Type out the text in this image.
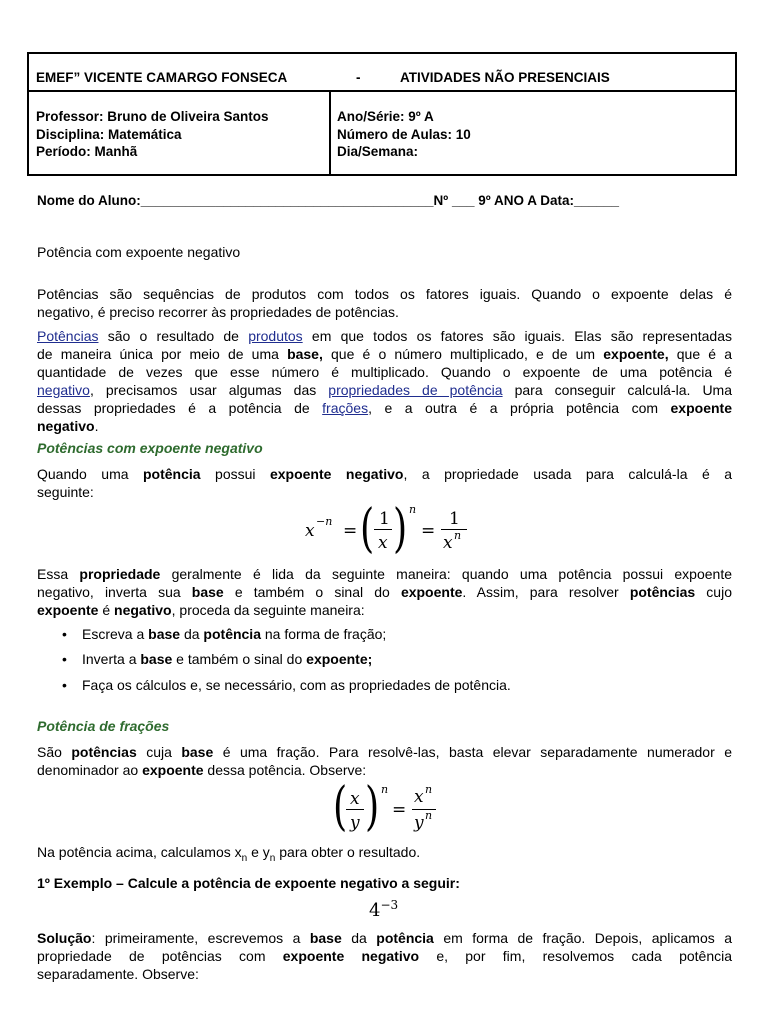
EMEF” VICENTE CAMARGO FONSECA	-	ATIVIDADES NÃO PRESENCIAIS
Professor: Bruno de Oliveira Santos
Disciplina: Matemática
Período: Manhã
Ano/Série: 9º A
Número de Aulas: 10
Dia/Semana:
Nome do Aluno:_______________________________________Nº ___ 9º ANO A Data:______
Potência com expoente negativo
Potências são sequências de produtos com todos os fatores iguais. Quando o expoente delas é
negativo, é preciso recorrer às propriedades de potências.
Potências são o resultado de produtos em que todos os fatores são iguais. Elas são representadas
de maneira única por meio de uma base, que é o número multiplicado, e de um expoente, que é a
quantidade de vezes que esse número é multiplicado. Quando o expoente de uma potência é
negativo, precisamos usar algumas das propriedades de potência para conseguir calculá-la. Uma
dessas propriedades é a potência de frações, e a outra é a própria potência com expoente
negativo.
Potências com expoente negativo
Quando uma potência possui expoente negativo, a propriedade usada para calculá-la é a
seguinte:
x −n = ( 1
x ) n
=
1
x n
Essa propriedade geralmente é lida da seguinte maneira: quando uma potência possui expoente
negativo, inverta sua base e também o sinal do expoente. Assim, para resolver potências cujo
expoente é negativo, proceda da seguinte maneira:
• Escreva a base da potência na forma de fração;
• Inverta a base e também o sinal do expoente;
• Faça os cálculos e, se necessário, com as propriedades de potência.
Potência de frações
São potências cuja base é uma fração. Para resolvê-las, basta elevar separadamente numerador e
denominador ao expoente dessa potência. Observe:
( x
y ) n
=
x n
y n
Na potência acima, calculamos $x_n$ e $y_n$ para obter o resultado.
1º Exemplo – Calcule a potência de expoente negativo a seguir:
$4^{-3}$
Solução: primeiramente, escrevemos a base da potência em forma de fração. Depois, aplicamos a
propriedade de potências com expoente negativo e, por fim, resolvemos cada potência
separadamente. Observe:
